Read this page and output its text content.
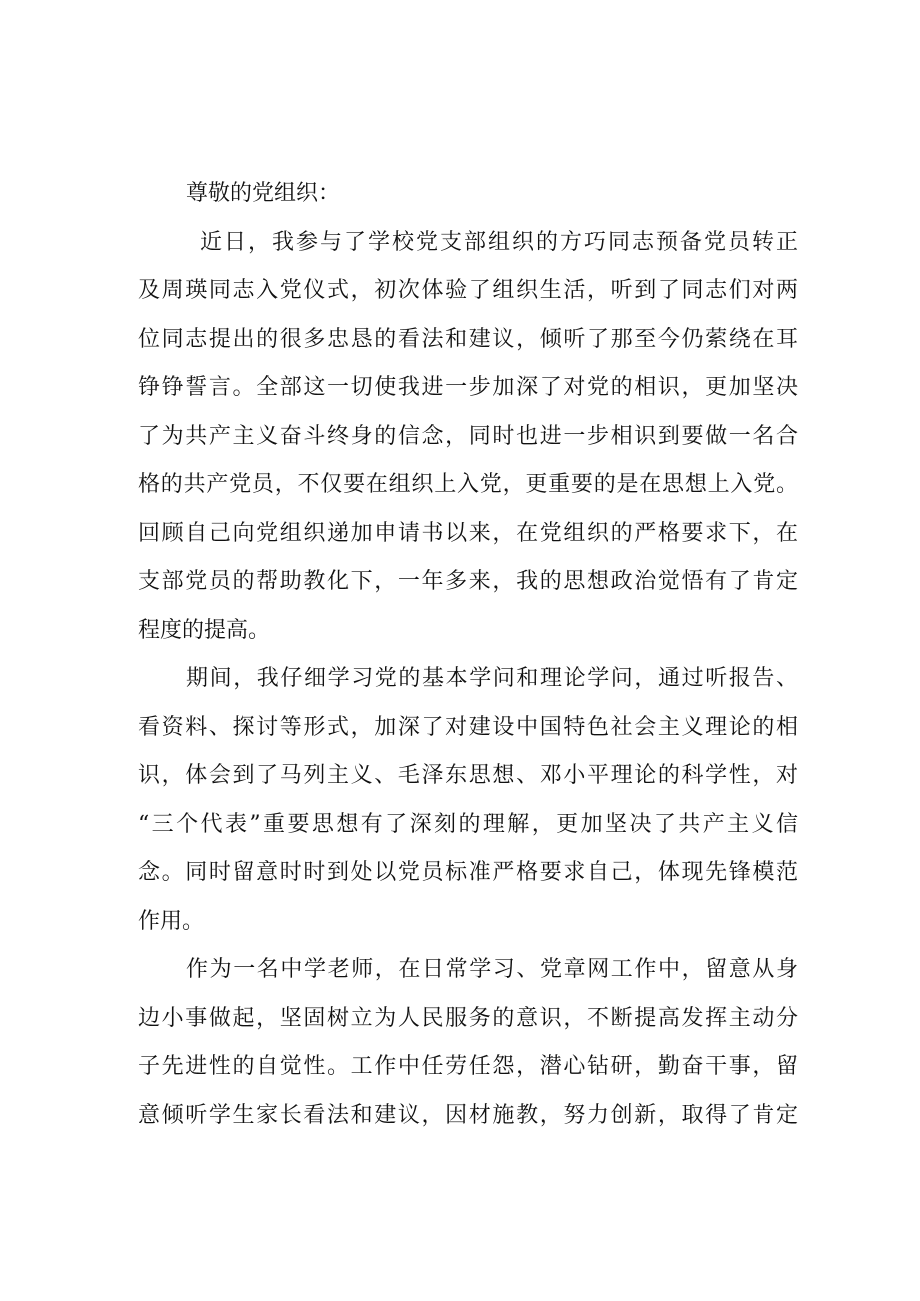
尊敬的党组织：
近日，我参与了学校党支部组织的方巧同志预备党员转正
及周瑛同志入党仪式，初次体验了组织生活，听到了同志们对两
位同志提出的很多忠恳的看法和建议，倾听了那至今仍萦绕在耳
铮铮誓言。全部这一切使我进一步加深了对党的相识，更加坚决
了为共产主义奋斗终身的信念，同时也进一步相识到要做一名合
格的共产党员，不仅要在组织上入党，更重要的是在思想上入党。
回顾自己向党组织递加申请书以来，在党组织的严格要求下，在
支部党员的帮助教化下，一年多来，我的思想政治觉悟有了肯定
程度的提高。
期间，我仔细学习党的基本学问和理论学问，通过听报告、
看资料、探讨等形式，加深了对建设中国特色社会主义理论的相
识，体会到了马列主义、毛泽东思想、邓小平理论的科学性，对
“三个代表”重要思想有了深刻的理解，更加坚决了共产主义信
念。同时留意时时到处以党员标准严格要求自己，体现先锋模范
作用。
作为一名中学老师，在日常学习、党章网工作中，留意从身
边小事做起，坚固树立为人民服务的意识，不断提高发挥主动分
子先进性的自觉性。工作中任劳任怨，潜心钻研，勤奋干事，留
意倾听学生家长看法和建议，因材施教，努力创新，取得了肯定
